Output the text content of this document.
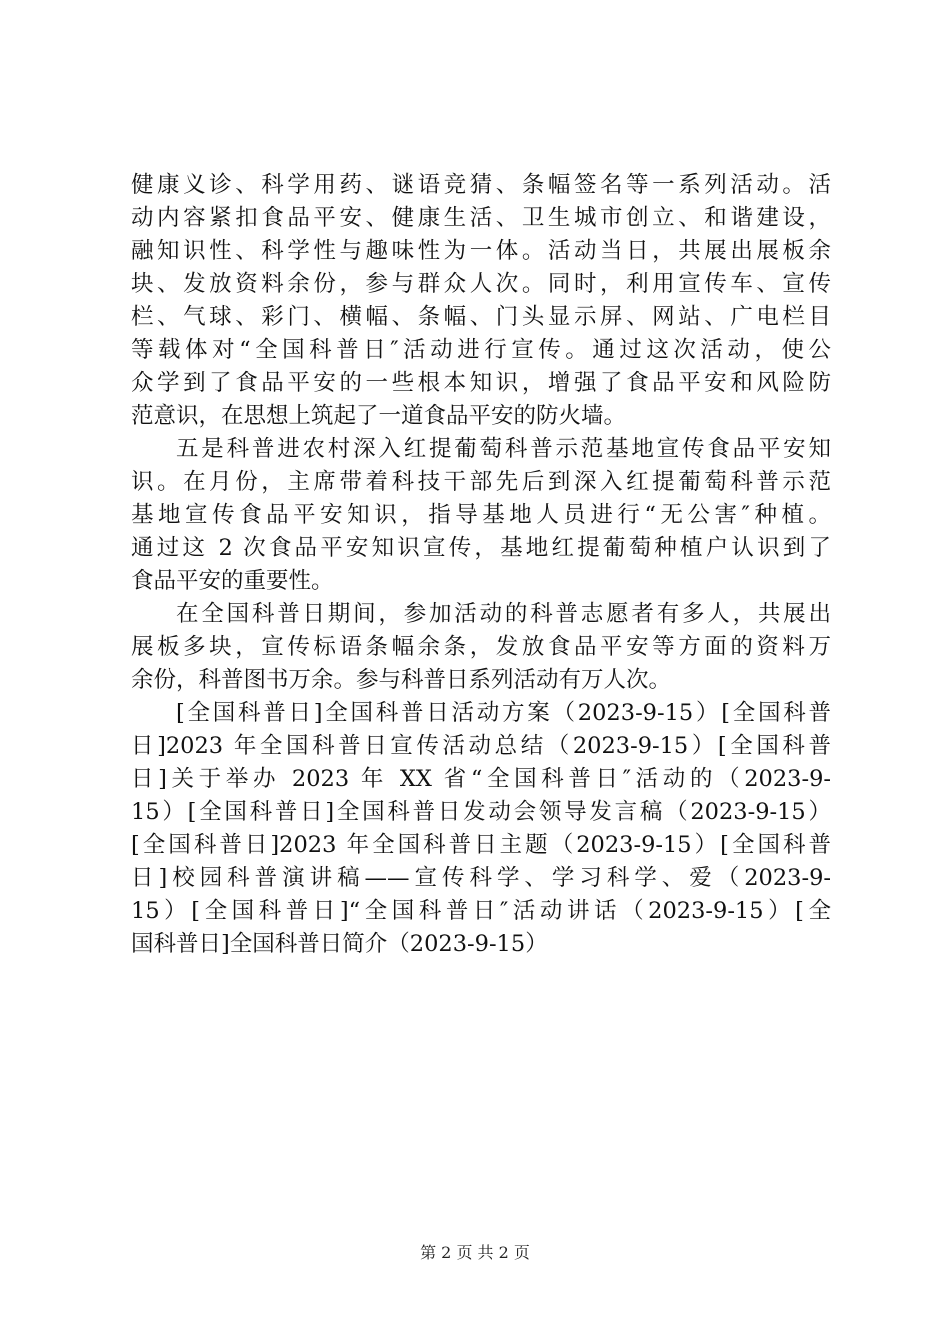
健康义诊、科学用药、谜语竞猜、条幅签名等一系列活动。活
动内容紧扣食品平安、健康生活、卫生城市创立、和谐建设，
融知识性、科学性与趣味性为一体。活动当日，共展出展板余
块、发放资料余份，参与群众人次。同时，利用宣传车、宣传
栏、气球、彩门、横幅、条幅、门头显示屏、网站、广电栏目
等载体对“全国科普日″活动进行宣传。通过这次活动，使公
众学到了食品平安的一些根本知识，增强了食品平安和风险防
范意识，在思想上筑起了一道食品平安的防火墙。
五是科普进农村深入红提葡萄科普示范基地宣传食品平安知
识。在月份，主席带着科技干部先后到深入红提葡萄科普示范
基地宣传食品平安知识，指导基地人员进行“无公害″种植。
通过这 2 次食品平安知识宣传，基地红提葡萄种植户认识到了
食品平安的重要性。
在全国科普日期间，参加活动的科普志愿者有多人，共展出
展板多块，宣传标语条幅余条，发放食品平安等方面的资料万
余份，科普图书万余。参与科普日系列活动有万人次。
[全国科普日]全国科普日活动方案（2023-9-15）[全国科普
日]2023 年全国科普日宣传活动总结（2023-9-15）[全国科普
日]关于举办 2023 年 XX 省“全国科普日″活动的（2023-9-
15）[全国科普日]全国科普日发动会领导发言稿（2023-9-15）
[全国科普日]2023 年全国科普日主题（2023-9-15）[全国科普
日]校园科普演讲稿——宣传科学、学习科学、爱（2023-9-
15）[全国科普日]“全国科普日″活动讲话（2023-9-15）[全
国科普日]全国科普日简介（2023-9-15）
第 2 页 共 2 页
